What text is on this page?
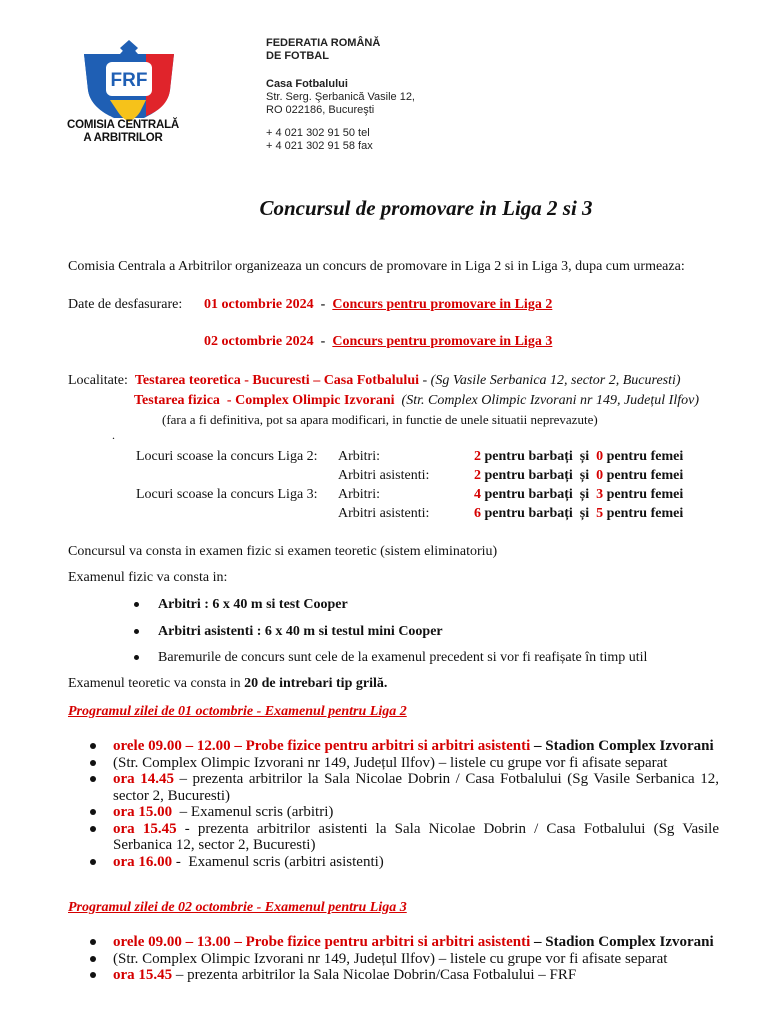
FRF
COMISIA CENTRALĂ
A ARBITRILOR
FEDERATIA ROMÂNĂ
DE FOTBAL
Casa Fotbalului
Str. Serg. Şerbanică Vasile 12,
RO 022186, Bucureşti
+ 4 021 302 91 50 tel
+ 4 021 302 91 58 fax
Concursul de promovare in Liga 2 si 3
Comisia Centrala a Arbitrilor organizeaza un concurs de promovare in Liga 2 si in Liga 3, dupa cum urmeaza:
Date de desfasurare: 01 octombrie 2024  -  Concurs pentru promovare in Liga 2
02 octombrie 2024  -  Concurs pentru promovare in Liga 3
Localitate: Testarea teoretica - Bucuresti – Casa Fotbalului - (Sg Vasile Serbanica 12, sector 2, Bucuresti)
Testarea fizica  - Complex Olimpic Izvorani  (Str. Complex Olimpic Izvorani nr 149, Județul Ilfov)
(fara a fi definitiva, pot sa apara modificari, in functie de unele situatii neprevazute)
.
Locuri scoase la concurs Liga 2:
Locuri scoase la concurs Liga 3:
Arbitri:
Arbitri asistenti:
Arbitri:
Arbitri asistenti:
2 pentru barbați  și  0 pentru femei
2 pentru barbați  și  0 pentru femei
4 pentru barbați  și  3 pentru femei
6 pentru barbați  și  5 pentru femei
Concursul va consta in examen fizic si examen teoretic (sistem eliminatoriu)
Examenul fizic va consta in:
Arbitri : 6 x 40 m si test Cooper
Arbitri asistenti : 6 x 40 m si testul mini Cooper
Baremurile de concurs sunt cele de la examenul precedent si vor fi reafișate în timp util
Examenul teoretic va consta in 20 de intrebari tip grilă.
Programul zilei de 01 octombrie - Examenul pentru Liga 2
orele 09.00 – 12.00 – Probe fizice pentru arbitri si arbitri asistenti – Stadion Complex Izvorani
(Str. Complex Olimpic Izvorani nr 149, Județul Ilfov) – listele cu grupe vor fi afisate separat
ora 14.45 – prezenta arbitrilor la Sala Nicolae Dobrin / Casa Fotbalului (Sg Vasile Serbanica 12, sector 2, Bucuresti)
ora 15.00  – Examenul scris (arbitri)
ora 15.45 - prezenta arbitrilor asistenti la Sala Nicolae Dobrin / Casa Fotbalului (Sg Vasile Serbanica 12, sector 2, Bucuresti)
ora 16.00 -  Examenul scris (arbitri asistenti)
Programul zilei de 02 octombrie - Examenul pentru Liga 3
orele 09.00 – 13.00 – Probe fizice pentru arbitri si arbitri asistenti – Stadion Complex Izvorani
(Str. Complex Olimpic Izvorani nr 149, Județul Ilfov) – listele cu grupe vor fi afisate separat
ora 15.45 – prezenta arbitrilor la Sala Nicolae Dobrin/Casa Fotbalului – FRF
